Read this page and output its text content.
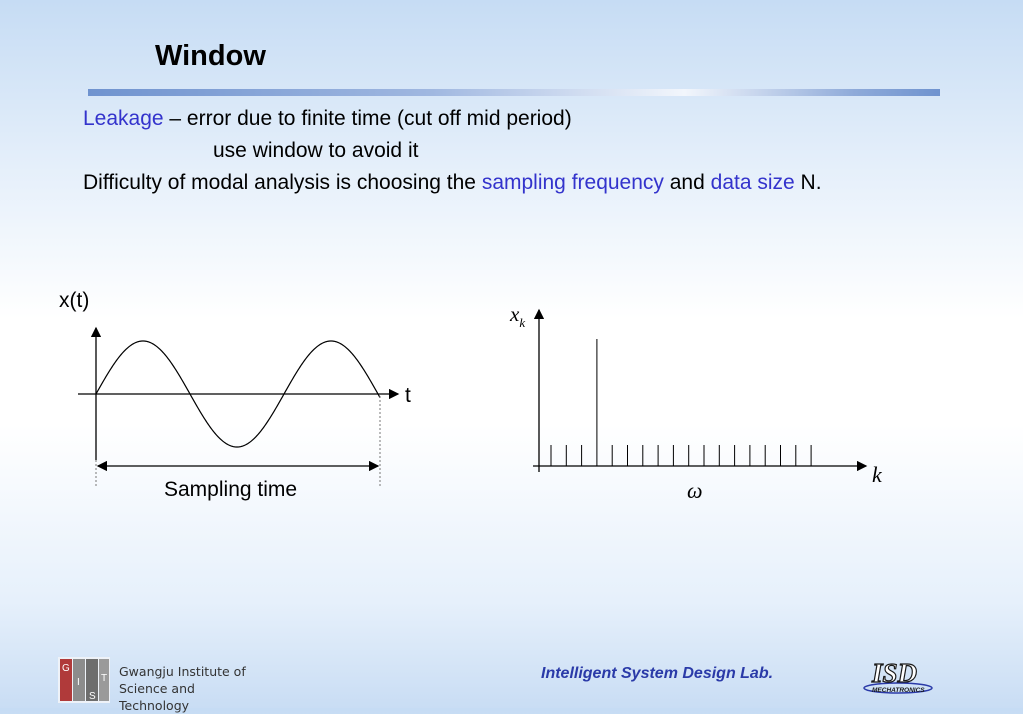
Window

Leakage – error due to finite time (cut off mid period)

use window to avoid it

Difficulty of modal analysis is choosing the sampling frequency and data size N.

x(t)
t
Sampling time
$x_k$
k
ω
G
I
S
T Gwangju Institute of
Science and Technology
Intelligent System Design Lab.	ISD
MECHATRONICS
